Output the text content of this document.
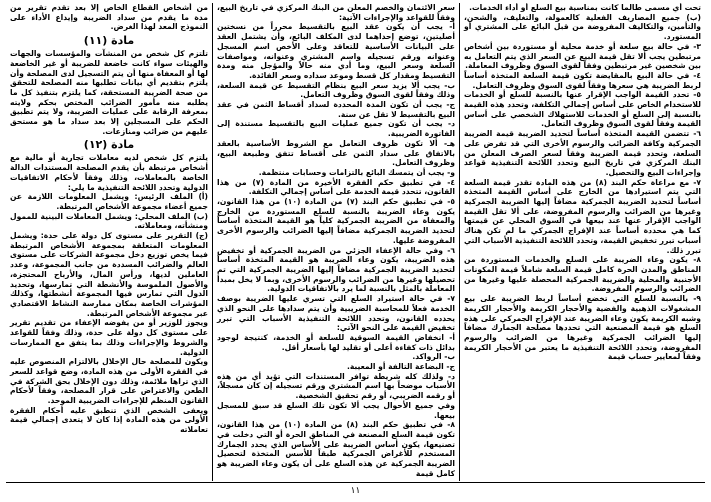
تحت أي مسمى طالما كانت بمناسبة بيع السلع أو أداء الخدمات.

(ب) جميع المصاريف الفعلية كالعمولة، والتغليف، والشحن، والتأمين، والتكاليف المفروضة من قبل البائع على المشتري أو المستورد.

٣- في حالة بيع سلعة أو خدمة محلية أو مستوردة بين أشخاص مرتبطين يجب ألا تقل قيمة البيع عن السعر الذي يتم التعامل به بين شخصين غير مرتبطين وفقاً لقوى السوق وظروف المعاملة.

٤- في حالة البيع بالمقايضة تكون قيمة السلعة المتخذة أساساً لربط الضريبة هي سعرها وفقاً لقوى السوق وظروف التعامل.

٥- تحدد القيمة الواجب الإقرار عنها بالنسبة للسلع أو الخدمات للاستخدام الخاص على أساس إجمالي التكلفة، وتحدد هذه القيمة بالنسبة إلى السلع أو الخدمات للاستهلاك الشخصي على أساس القيمة وفقاً لقوى السوق وظروف التعامل.

٦- تتضمن القيمة المتخذة أساساً لتحديد الضريبة قيمة الضريبة الجمركية وكافة الضرائب والرسوم الأخرى التي قد تفرض على السلعة، وتحدد قيمة الضريبة وفقاً لسعر الصرف المعلن من البنك المركزي في تاريخ البيع وتحدد اللائحة التنفيذية قواعد وإجراءات البيع والتحصيل.

٧- مع مراعاة حكم البند (٨) من هذه المادة تقدر قيمة السلعة التي يتم استيرادها من الخارج على أساس القيمة المتخذة أساساً لتحديد الضريبة الجمركية مضافاً إليها الضريبة الجمركية وغيرها من الضرائب والرسوم المفروضة، على ألا تقل القيمة الواجب الإقرار عنها عند بيعها في السوق المحلي عن قيمتها كما هي محددة أساساً عند الإفراج الجمركي ما لم تكن هناك أسباب تبرر تخفيض القيمة، وتحدد اللائحة التنفيذية الأسباب التي تبرر ذلك.

٨- يكون وعاء الضريبة على السلع والخدمات المستوردة من المناطق والمدن الحرة كامل قيمة السلعة شاملاً قيمة المكونات الأجنبية والمحلية والضريبة الجمركية المحصلة عليها وغيرها من الضرائب والرسوم المفروضة.

٩- بالنسبة للسلع التي تخضع أساساً لربط الضريبة على بيع المشغولات الذهبية والفضية والأحجار الكريمة والأحجار الكريمة وشبه الكريمة يكون وعاء الضريبة عند الإفراج الجمركي على هذه السلع هو قيمة المصنعية التي تحددها مصلحة الجمارك مضافاً إليها الضرائب الجمركية وغيرها من الضرائب والرسوم المفروضة، وتحدد اللائحة التنفيذية ما يعتبر من الأحجار الكريمة وفقاً لمعايير حساب قيمة

سعر الائتمان والخصم المعلن من البنك المركزي في تاريخ البيع، وفقاً للقواعد والإجراءات الآتية:

أ- يجب أن يكون عقد البيع بالتقسيط محرراً من نسختين أصليتين، توضع إحداهما لدى المكلف البائع، وأن يشتمل العقد على البيانات الأساسية للتعاقد وعلى الأخص اسم المسجل وعنوانه ورقم تسجيله واسم المشتري وعنوانه، ومواصفات السلعة وسعر البيع، وما أدي منه حالاً والمؤجل منه ومدة التقسيط ومقدار كل قسط وموعد سداده وسعر الفائدة.

ب- يجب ألا يزيد سعر البيع بنظام التقسيط عن قيمة السلعة، وذلك وفقاً لقوى السوق وظروف التعامل.

ج- يجب أن تكون المدة المحددة لسداد أقساط الثمن في عقد البيع بالتقسيط لا تقل عن سنة.

د- يجب أن تكون جميع عمليات البيع بالتقسيط مستندة إلى الفاتورة الضريبية.

هـ- ألا تكون ظروف التعامل مع الشروط الأساسية بالعقد بالاتفاق على سداد الثمن على أقساط تتفق وطبيعة البيع، وظروف التعامل.

و- يجب أن يتمسك البائع بالتزامات وحسابات منتظمة.

٤- في تطبيق حكم الفقرة الأخيرة من المادة (٧) من هذا القانون، تتحدد قيمة الخدمة على أساس إجمالي التكلفة.

٥- في تطبيق حكم البند (٧) من المادة (١٠) من هذا القانون، يكون وعاء الضريبة بالنسبة للسلع المستوردة من الخارج والمعفاة من الضريبة الجمركية كلياً هو القيمة المتخذة أساساً لتحديد الضريبة الجمركية مضافاً إليها الضرائب والرسوم الأخرى المفروضة عليها.

٦- وفي حالة الإعفاء الجزئي من الضريبة الجمركية أو تخفيض هذه الضريبة، يكون وعاء الضريبة هو القيمة المتخذة أساساً لتحديد الضريبة الجمركية مضافاً إليها الضريبة الجمركية التي تم تحصيلها وغيرها من الضرائب والرسوم الأخرى، وبما لا يخل بمبدأ المعاملة بالمثل بالنسبة لما يرد بالاتفاقيات الدولية.

٧- في حالة استيراد السلع التي تسري عليها الضريبة بوصف الخدمة فعلاً للمحاسبة الضريبية وأن يتم سدادها على النحو الذي يحدده القانون، وتحدد اللائحة التنفيذية الأسباب التي تبرر تخفيض القيمة على النحو الآتي:

أ- انخفاض القيمة السوقية للسلعة أو الخدمة، كنتيجة لوجود بدائل ذات كفاءة أعلى أو تقليد لها بأسعار أقل.

ب- الرواكد.

ج- البضاعة التالفة أو المعيبة.

د- ولذلك كله شريطة توافر المستندات التي تؤيد أي من هذه الأسباب موضحاً بها اسم المشتري ورقم تسجيله إن كان مسجلاً، أو رقمه الضريبي، أو رقم تحقيق الشخصية.

وفي جميع الأحوال يجب ألا تكون تلك السلع قد سبق للمسجل بيعها.

٨- في تطبيق حكم البند (٨) من المادة (١٠) من هذا القانون، تكون قيمة السلع المصنعة في المناطق الحرة أو التي دخلت في تصنيعها، يكون أساس الضريبة على الأساس الذي يحدد الجمارك المستخدم للأغراض الجمركية طبقاً للأسس المتخذة لتحصيل الضريبة الجمركية عن هذه السلع على أن يكون وعاء الضريبة هو كامل قيمة

من أشخاص القطاع الخاص إلا بعد تقدم تقرير من مدة ما يقدم من سداد الضريبة وإيداع الأداء على النموذج المعد لهذا الغرض.

مادة (١١)

تلتزم كل شخص من المنشآت والمؤسسات والجهات والهيئات سواء كانت خاضعة للضريبة أو غير الخاضعة لها أو المعفاة منها أن يتم التسجيل لدى المصلحة وأن يلتزم بتقديم أي بيانات تطلبها منه المصلحة للتحقق من صحة الضريبة المستحقة، كما يلتزم بتنفيذ كل ما يطلبه منه مأمور الضرائب المختص بحكم ولايته بمعرفة الرقابة على عمليات الضريبة، ولا يتم تطبيق الحكم على المسجلين إلا بعد سداد ما هو مستحق عليهم من ضرائب ومنازعات.

مادة (١٢)

يلتزم كل شخص لديه معاملات تجارية أو مالية مع أشخاص مرتبطة بأن يقدم المصلحة المستندات الدالة الخاصة بالمعاملات، وذلك وفقاً لأحكام الاتفاقيات الدولية وتحدد اللائحة التنفيذية ما يلي:

(أ) الملف الرئيس: ويشمل المعلومات اللازمة عن جميع أعضاء مجموعة الأشخاص المرتبطة.

(ب) الملف المحلي: ويشمل المعاملات البينية للممول ومنشأته، ومعاملاته.

(ج) التقرير على مستوى كل دولة على حدة: ويشمل المعلومات المتعلقة بمجموعة الأشخاص المرتبطة فيما يخص توزيع دخل مجموعة الشركات على مستوى العالم والضرائب المسددة من جانب المجموعة، وعدد العاملين لديها، ورأس المال، والأرباح المحتجزة، والأصول الملموسة والأنشطة التي تمارسها، وتحديد الدول التي تمارس فيها المجموعة أنشطتها، وكذلك المؤشرات الخاصة بمكان ممارسة النشاط الاقتصادي عبر مجموعة الأشخاص المرتبطة.

ويجوز للوزير أو من يفوضه الإعفاء من تقديم تقرير على مستوى كل دولة على حدة، وذلك وفقاً للقواعد والشروط والإجراءات وذلك بما يتفق مع الممارسات الدولية.

ويكون للمصلحة حال الإخلال بالالتزام المنصوص عليه في الفقرة الأولى من هذه المادة، وضع قواعد للسعر الذي تراها ملائمة، وذلك دون الإخلال بحق الشركة في الطعن والاعتراض على قرار المصلحة، وفقاً لأحكام القانون المنظم للإجراءات الضريبية الموحد.

ويعفى الشخص الذي تنطبق عليه أحكام الفقرة الأولى من هذه المادة إذا كان لا يتعدى إجمالي قيمة تعاملاته

١١
